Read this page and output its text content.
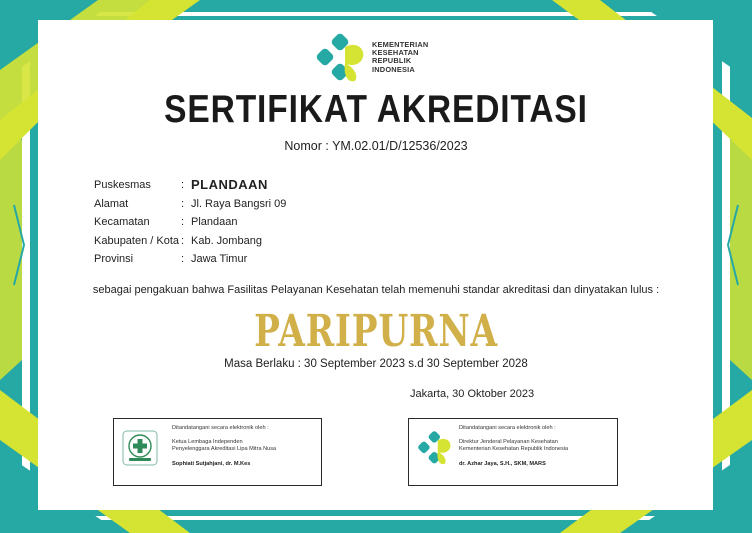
KEMENTERIAN
KESEHATAN
REPUBLIK
INDONESIA
SERTIFIKAT AKREDITASI
Nomor : YM.02.01/D/12536/2023
Puskesmas	: PLANDAAN
Alamat	: Jl. Raya Bangsri 09
Kecamatan	: Plandaan
Kabupaten / Kota : Kab. Jombang
Provinsi	: Jawa Timur
sebagai pengakuan bahwa Fasilitas Pelayanan Kesehatan telah memenuhi standar akreditasi dan dinyatakan lulus :
PARIPURNA
Masa Berlaku : 30 September 2023 s.d 30 September 2028
Jakarta, 30 Oktober 2023
Ditandatangani secara elektronik oleh :
Ketua Lembaga Independen
Penyelenggara Akreditasi Lipa Mitra Nusa
Sophiati Sutjahjani, dr. M.Kes
Ditandatangani secara elektronik oleh :
Direktur Jenderal Pelayanan Kesehatan
Kementerian Kesehatan Republik Indonesia
dr. Azhar Jaya, S.H., SKM, MARS
